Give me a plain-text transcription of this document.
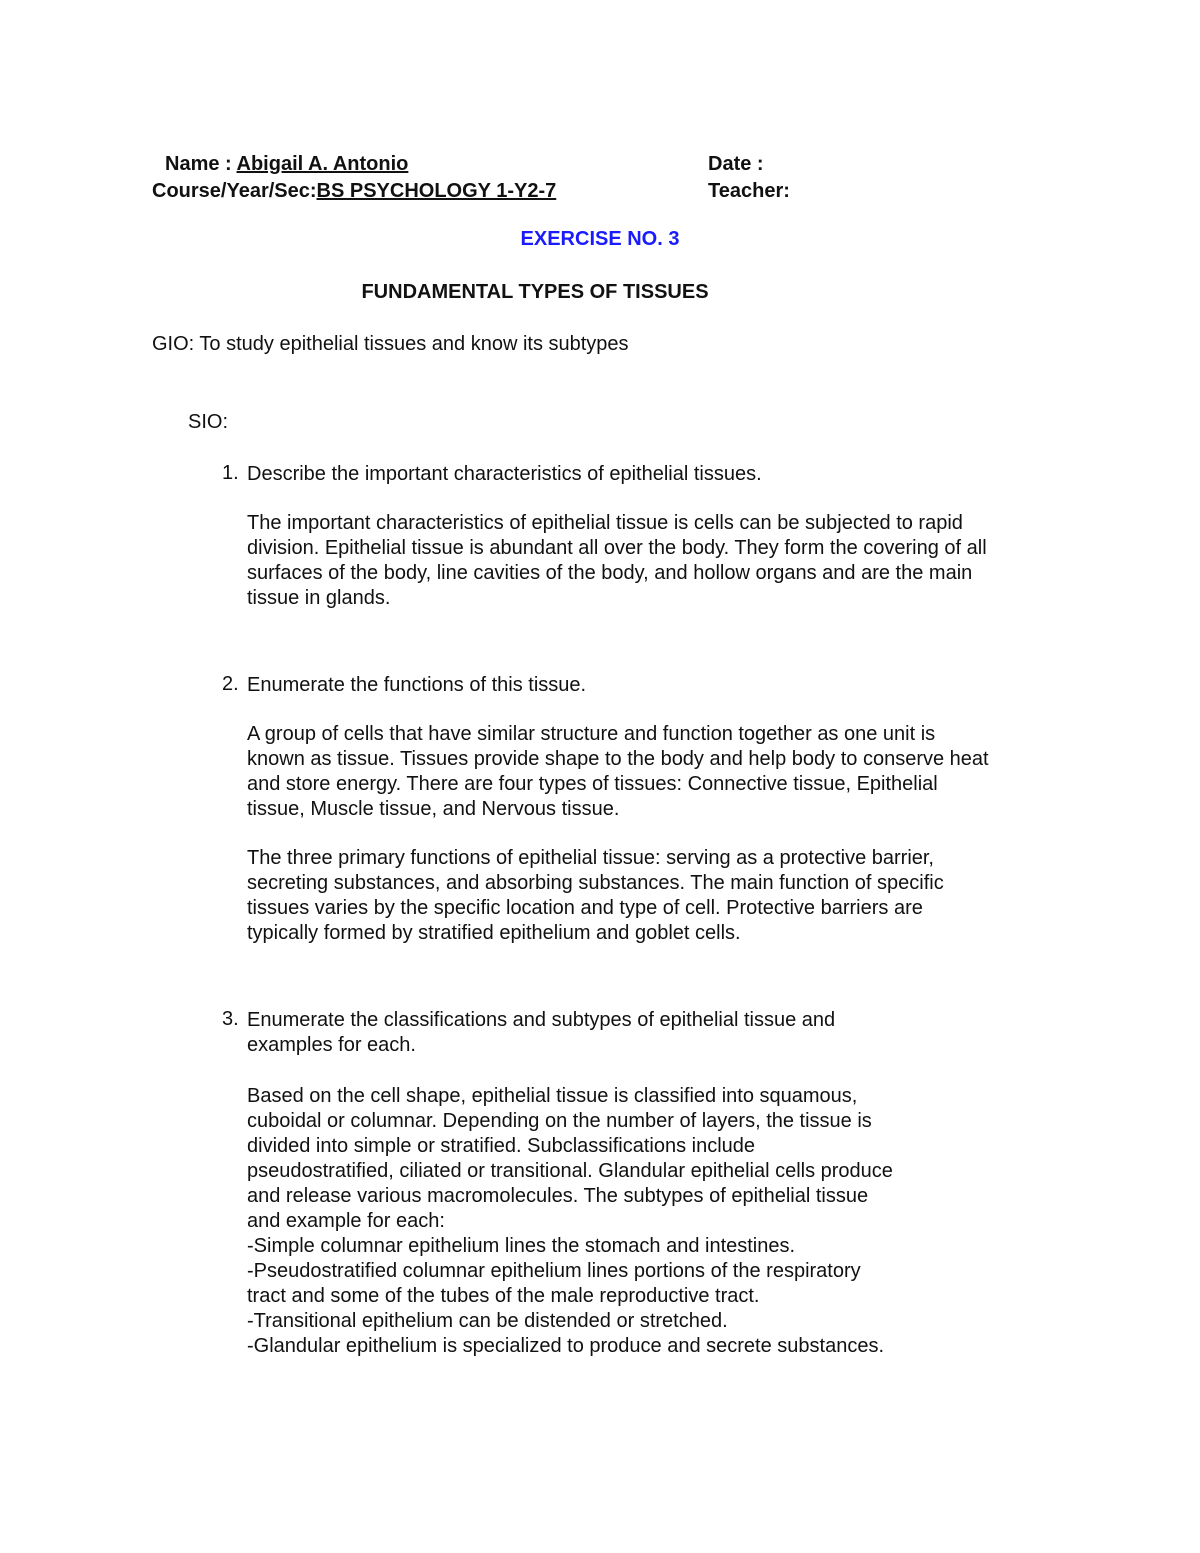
Name : Abigail A. Antonio	Date :
Course/Year/Sec:BS PSYCHOLOGY 1-Y2-7	Teacher:
EXERCISE NO. 3
FUNDAMENTAL TYPES OF TISSUES
GIO: To study epithelial tissues and know its subtypes
SIO:
1. Describe the important characteristics of epithelial tissues.
The important characteristics of epithelial tissue is cells can be subjected to rapid
division. Epithelial tissue is abundant all over the body. They form the covering of all
surfaces of the body, line cavities of the body, and hollow organs and are the main
tissue in glands.
2. Enumerate the functions of this tissue.
A group of cells that have similar structure and function together as one unit is
known as tissue. Tissues provide shape to the body and help body to conserve heat
and store energy. There are four types of tissues: Connective tissue, Epithelial
tissue, Muscle tissue, and Nervous tissue.
The three primary functions of epithelial tissue: serving as a protective barrier,
secreting substances, and absorbing substances. The main function of specific
tissues varies by the specific location and type of cell. Protective barriers are
typically formed by stratified epithelium and goblet cells.
3. Enumerate the classifications and subtypes of epithelial tissue and
examples for each.
Based on the cell shape, epithelial tissue is classified into squamous,
cuboidal or columnar. Depending on the number of layers, the tissue is
divided into simple or stratified. Subclassifications include
pseudostratified, ciliated or transitional. Glandular epithelial cells produce
and release various macromolecules. The subtypes of epithelial tissue
and example for each:
-Simple columnar epithelium lines the stomach and intestines.
-Pseudostratified columnar epithelium lines portions of the respiratory
tract and some of the tubes of the male reproductive tract.
-Transitional epithelium can be distended or stretched.
-Glandular epithelium is specialized to produce and secrete substances.
